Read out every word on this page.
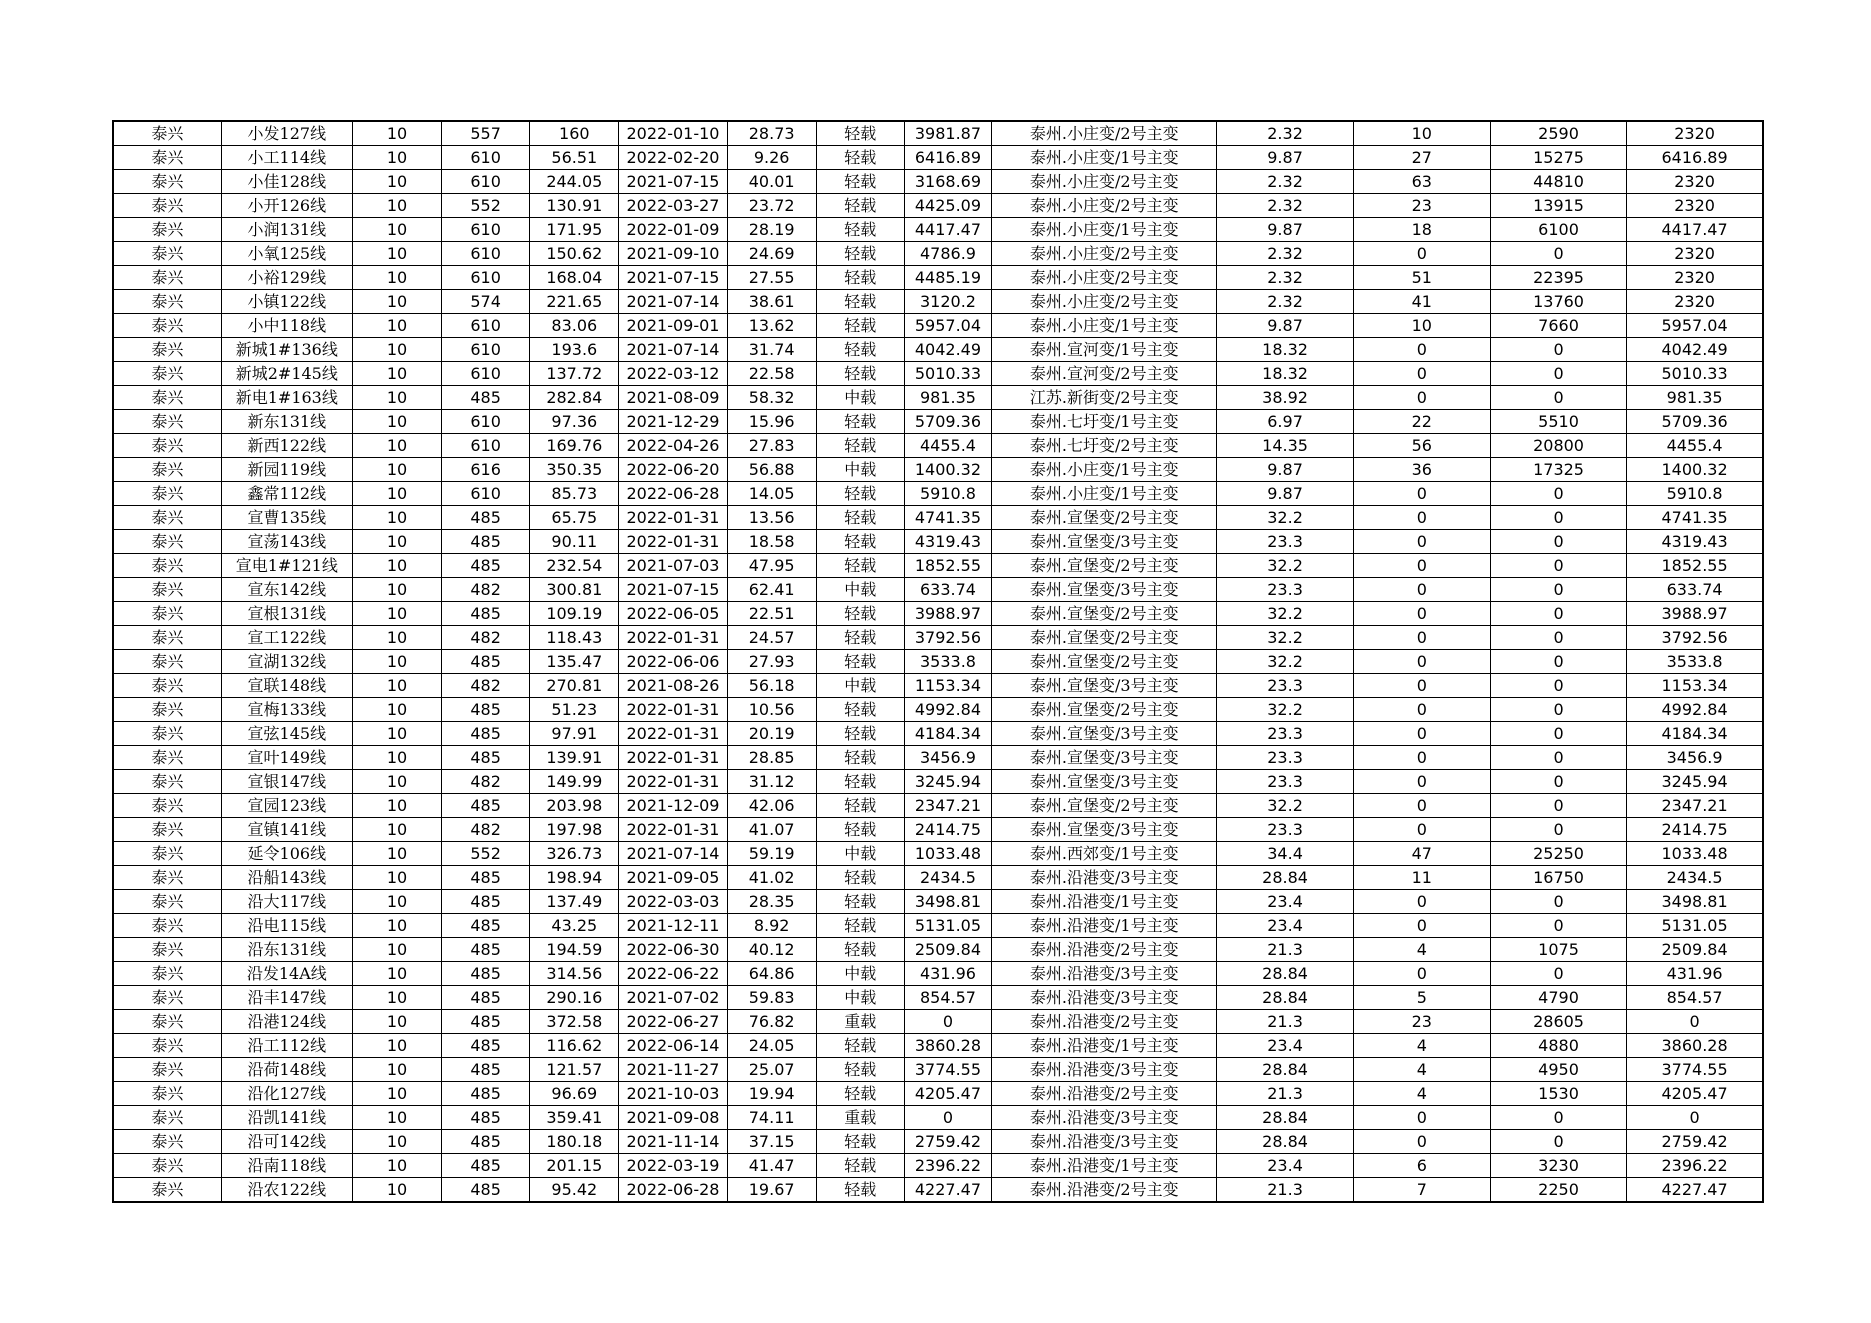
泰兴	小发127线	10	557	160	2022-01-10	28.73	轻载	3981.87	泰州.小庄变/2号主变	2.32	10	2590	2320
泰兴	小工114线	10	610	56.51	2022-02-20	9.26	轻载	6416.89	泰州.小庄变/1号主变	9.87	27	15275	6416.89
泰兴	小佳128线	10	610	244.05	2021-07-15	40.01	轻载	3168.69	泰州.小庄变/2号主变	2.32	63	44810	2320
泰兴	小开126线	10	552	130.91	2022-03-27	23.72	轻载	4425.09	泰州.小庄变/2号主变	2.32	23	13915	2320
泰兴	小润131线	10	610	171.95	2022-01-09	28.19	轻载	4417.47	泰州.小庄变/1号主变	9.87	18	6100	4417.47
泰兴	小氧125线	10	610	150.62	2021-09-10	24.69	轻载	4786.9	泰州.小庄变/2号主变	2.32	0	0	2320
泰兴	小裕129线	10	610	168.04	2021-07-15	27.55	轻载	4485.19	泰州.小庄变/2号主变	2.32	51	22395	2320
泰兴	小镇122线	10	574	221.65	2021-07-14	38.61	轻载	3120.2	泰州.小庄变/2号主变	2.32	41	13760	2320
泰兴	小中118线	10	610	83.06	2021-09-01	13.62	轻载	5957.04	泰州.小庄变/1号主变	9.87	10	7660	5957.04
泰兴	新城1#136线	10	610	193.6	2021-07-14	31.74	轻载	4042.49	泰州.宣河变/1号主变	18.32	0	0	4042.49
泰兴	新城2#145线	10	610	137.72	2022-03-12	22.58	轻载	5010.33	泰州.宣河变/2号主变	18.32	0	0	5010.33
泰兴	新电1#163线	10	485	282.84	2021-08-09	58.32	中载	981.35	江苏.新街变/2号主变	38.92	0	0	981.35
泰兴	新东131线	10	610	97.36	2021-12-29	15.96	轻载	5709.36	泰州.七圩变/1号主变	6.97	22	5510	5709.36
泰兴	新西122线	10	610	169.76	2022-04-26	27.83	轻载	4455.4	泰州.七圩变/2号主变	14.35	56	20800	4455.4
泰兴	新园119线	10	616	350.35	2022-06-20	56.88	中载	1400.32	泰州.小庄变/1号主变	9.87	36	17325	1400.32
泰兴	鑫常112线	10	610	85.73	2022-06-28	14.05	轻载	5910.8	泰州.小庄变/1号主变	9.87	0	0	5910.8
泰兴	宣曹135线	10	485	65.75	2022-01-31	13.56	轻载	4741.35	泰州.宣堡变/2号主变	32.2	0	0	4741.35
泰兴	宣荡143线	10	485	90.11	2022-01-31	18.58	轻载	4319.43	泰州.宣堡变/3号主变	23.3	0	0	4319.43
泰兴	宣电1#121线	10	485	232.54	2021-07-03	47.95	轻载	1852.55	泰州.宣堡变/2号主变	32.2	0	0	1852.55
泰兴	宣东142线	10	482	300.81	2021-07-15	62.41	中载	633.74	泰州.宣堡变/3号主变	23.3	0	0	633.74
泰兴	宣根131线	10	485	109.19	2022-06-05	22.51	轻载	3988.97	泰州.宣堡变/2号主变	32.2	0	0	3988.97
泰兴	宣工122线	10	482	118.43	2022-01-31	24.57	轻载	3792.56	泰州.宣堡变/2号主变	32.2	0	0	3792.56
泰兴	宣湖132线	10	485	135.47	2022-06-06	27.93	轻载	3533.8	泰州.宣堡变/2号主变	32.2	0	0	3533.8
泰兴	宣联148线	10	482	270.81	2021-08-26	56.18	中载	1153.34	泰州.宣堡变/3号主变	23.3	0	0	1153.34
泰兴	宣梅133线	10	485	51.23	2022-01-31	10.56	轻载	4992.84	泰州.宣堡变/2号主变	32.2	0	0	4992.84
泰兴	宣弦145线	10	485	97.91	2022-01-31	20.19	轻载	4184.34	泰州.宣堡变/3号主变	23.3	0	0	4184.34
泰兴	宣叶149线	10	485	139.91	2022-01-31	28.85	轻载	3456.9	泰州.宣堡变/3号主变	23.3	0	0	3456.9
泰兴	宣银147线	10	482	149.99	2022-01-31	31.12	轻载	3245.94	泰州.宣堡变/3号主变	23.3	0	0	3245.94
泰兴	宣园123线	10	485	203.98	2021-12-09	42.06	轻载	2347.21	泰州.宣堡变/2号主变	32.2	0	0	2347.21
泰兴	宣镇141线	10	482	197.98	2022-01-31	41.07	轻载	2414.75	泰州.宣堡变/3号主变	23.3	0	0	2414.75
泰兴	延令106线	10	552	326.73	2021-07-14	59.19	中载	1033.48	泰州.西郊变/1号主变	34.4	47	25250	1033.48
泰兴	沿船143线	10	485	198.94	2021-09-05	41.02	轻载	2434.5	泰州.沿港变/3号主变	28.84	11	16750	2434.5
泰兴	沿大117线	10	485	137.49	2022-03-03	28.35	轻载	3498.81	泰州.沿港变/1号主变	23.4	0	0	3498.81
泰兴	沿电115线	10	485	43.25	2021-12-11	8.92	轻载	5131.05	泰州.沿港变/1号主变	23.4	0	0	5131.05
泰兴	沿东131线	10	485	194.59	2022-06-30	40.12	轻载	2509.84	泰州.沿港变/2号主变	21.3	4	1075	2509.84
泰兴	沿发14A线	10	485	314.56	2022-06-22	64.86	中载	431.96	泰州.沿港变/3号主变	28.84	0	0	431.96
泰兴	沿丰147线	10	485	290.16	2021-07-02	59.83	中载	854.57	泰州.沿港变/3号主变	28.84	5	4790	854.57
泰兴	沿港124线	10	485	372.58	2022-06-27	76.82	重载	0	泰州.沿港变/2号主变	21.3	23	28605	0
泰兴	沿工112线	10	485	116.62	2022-06-14	24.05	轻载	3860.28	泰州.沿港变/1号主变	23.4	4	4880	3860.28
泰兴	沿荷148线	10	485	121.57	2021-11-27	25.07	轻载	3774.55	泰州.沿港变/3号主变	28.84	4	4950	3774.55
泰兴	沿化127线	10	485	96.69	2021-10-03	19.94	轻载	4205.47	泰州.沿港变/2号主变	21.3	4	1530	4205.47
泰兴	沿凯141线	10	485	359.41	2021-09-08	74.11	重载	0	泰州.沿港变/3号主变	28.84	0	0	0
泰兴	沿可142线	10	485	180.18	2021-11-14	37.15	轻载	2759.42	泰州.沿港变/3号主变	28.84	0	0	2759.42
泰兴	沿南118线	10	485	201.15	2022-03-19	41.47	轻载	2396.22	泰州.沿港变/1号主变	23.4	6	3230	2396.22
泰兴	沿农122线	10	485	95.42	2022-06-28	19.67	轻载	4227.47	泰州.沿港变/2号主变	21.3	7	2250	4227.47
